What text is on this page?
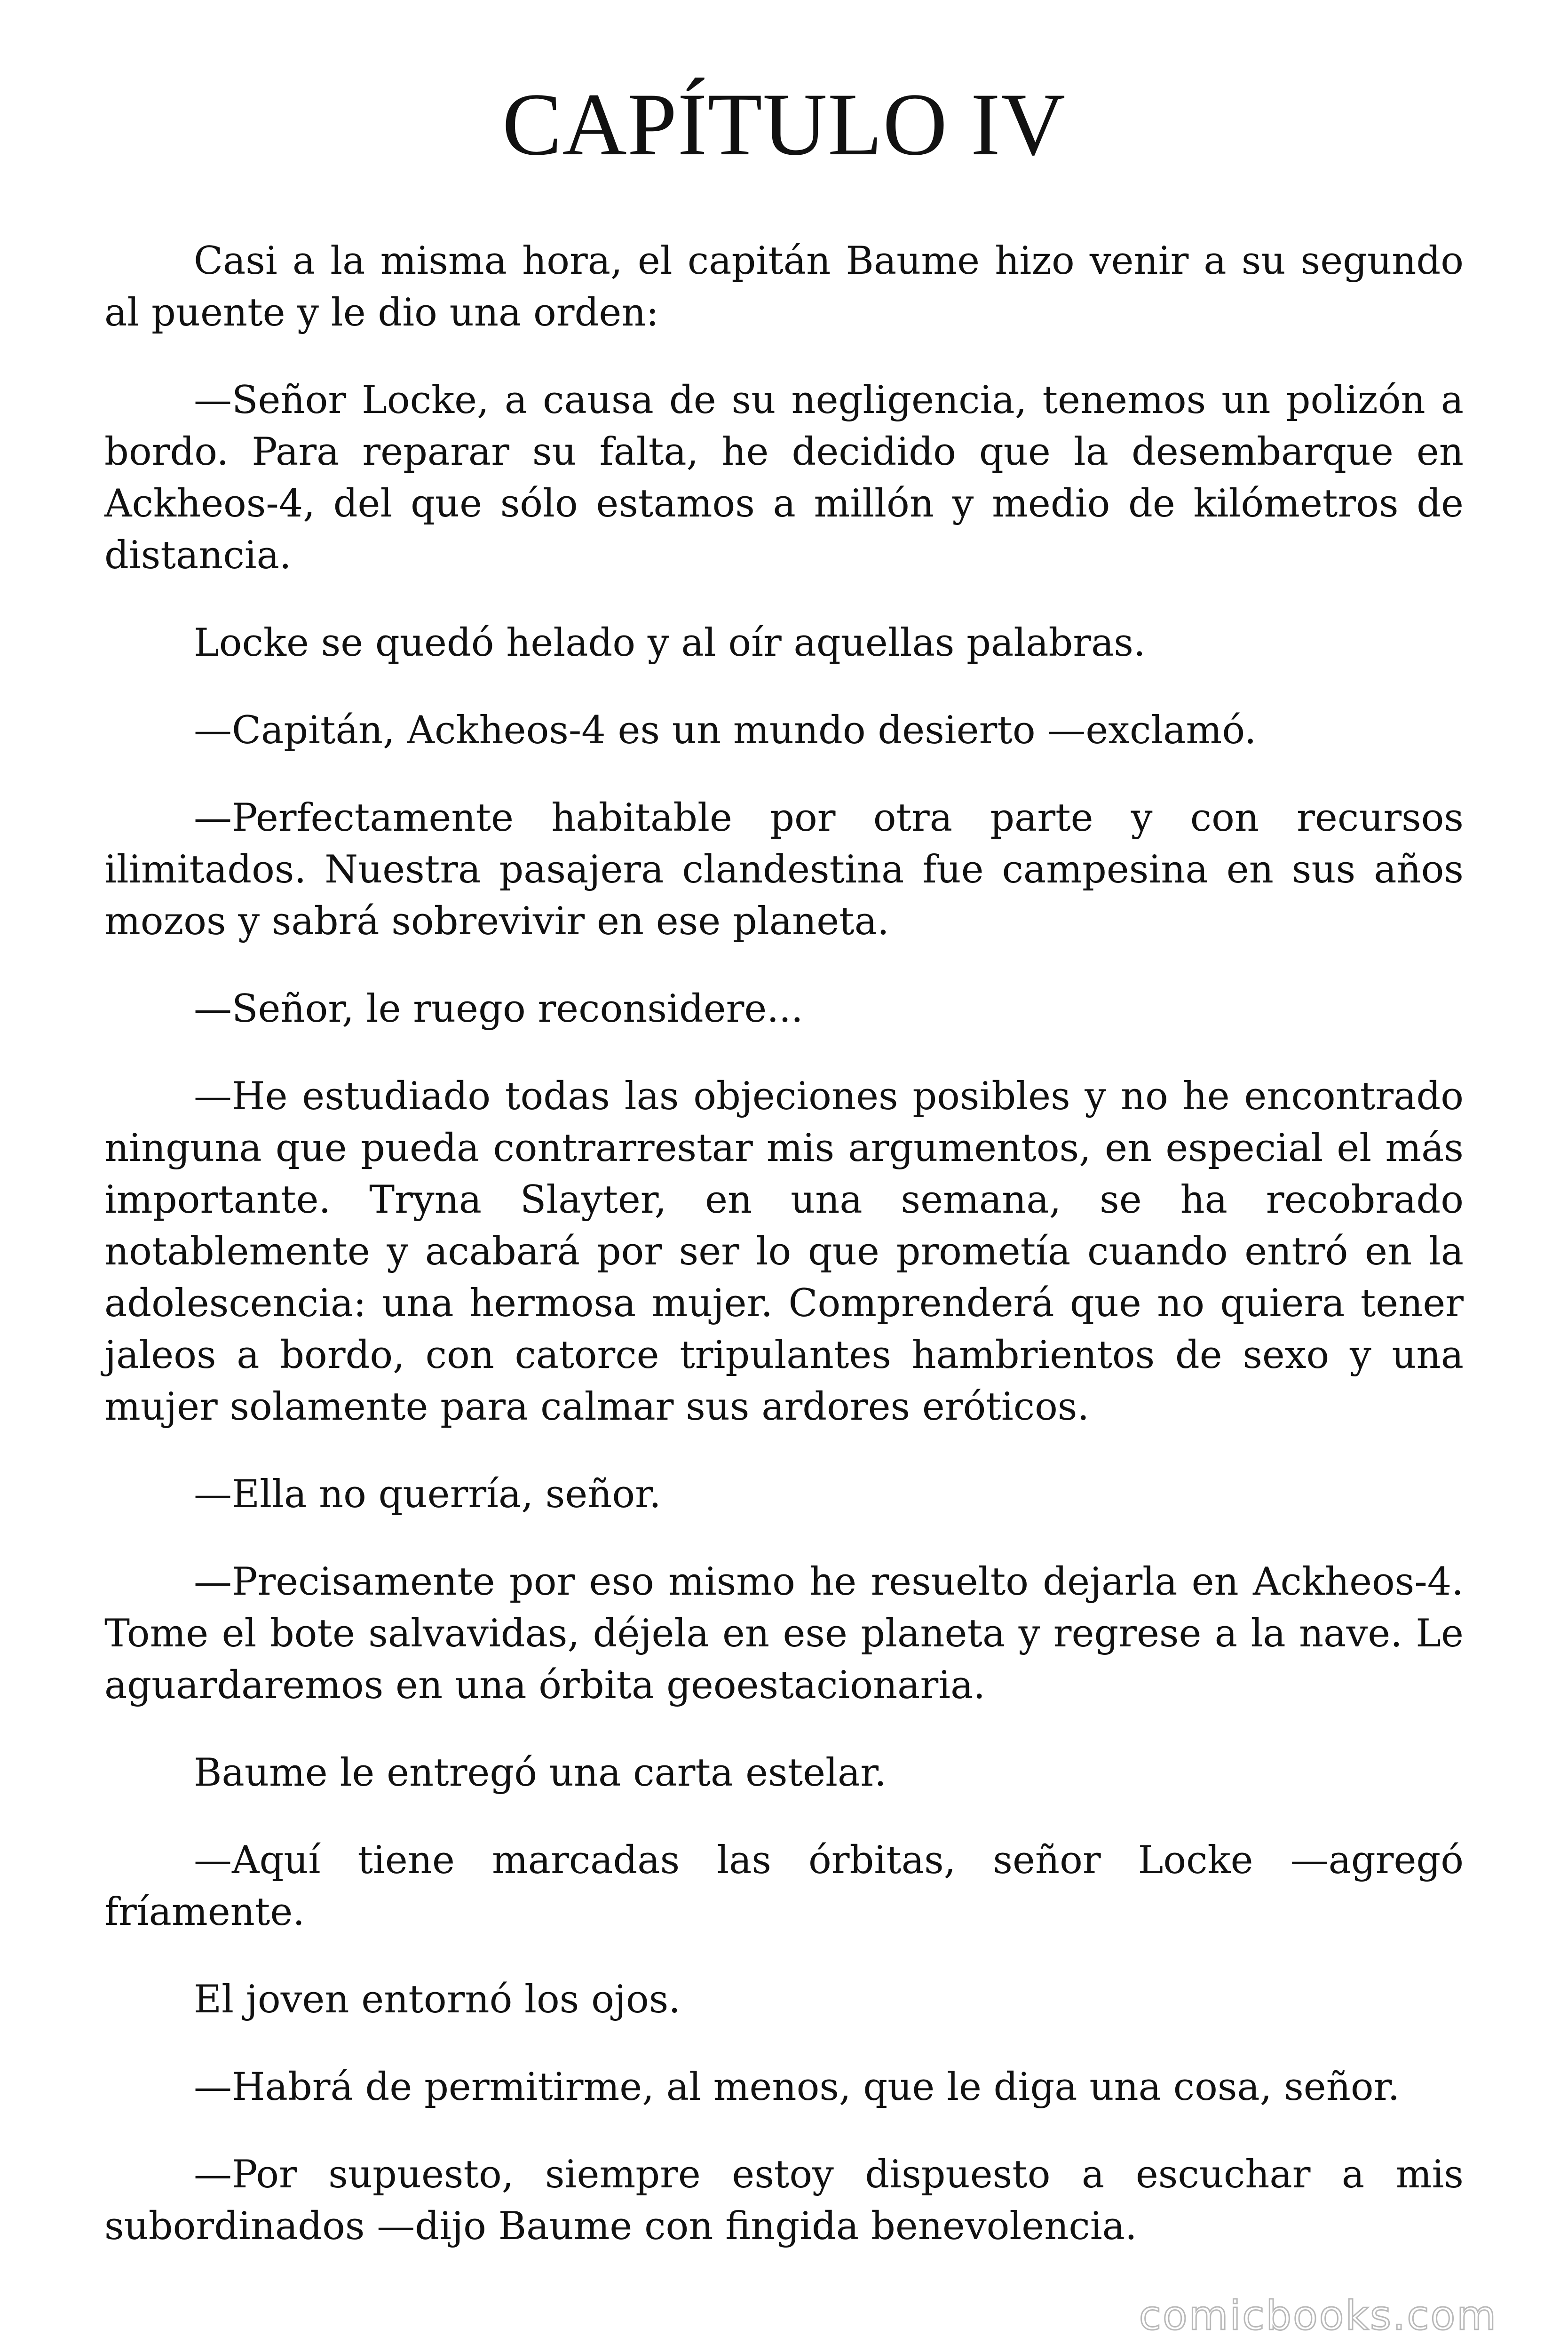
CAPÍTULO IV

Casi a la misma hora, el capitán Baume hizo venir a su segundo al puente y le dio una orden:

—Señor Locke, a causa de su negligencia, tenemos un polizón a bordo. Para reparar su falta, he decidido que la desembarque en Ackheos-4, del que sólo estamos a millón y medio de kilómetros de distancia.

Locke se quedó helado y al oír aquellas palabras.

—Capitán, Ackheos-4 es un mundo desierto —exclamó.

—Perfectamente habitable por otra parte y con recursos ilimitados. Nuestra pasajera clandestina fue campesina en sus años mozos y sabrá sobrevivir en ese planeta.

—Señor, le ruego reconsidere...

—He estudiado todas las objeciones posibles y no he encontrado ninguna que pueda contrarrestar mis argumentos, en especial el más importante. Tryna Slayter, en una semana, se ha recobrado notablemente y acabará por ser lo que prometía cuando entró en la adolescencia: una hermosa mujer. Comprenderá que no quiera tener jaleos a bordo, con catorce tripulantes hambrientos de sexo y una mujer solamente para calmar sus ardores eróticos.

—Ella no querría, señor.

—Precisamente por eso mismo he resuelto dejarla en Ackheos-4. Tome el bote salvavidas, déjela en ese planeta y regrese a la nave. Le aguardaremos en una órbita geoestacionaria.

Baume le entregó una carta estelar.

—Aquí tiene marcadas las órbitas, señor Locke —agregó fríamente.

El joven entornó los ojos.

—Habrá de permitirme, al menos, que le diga una cosa, señor.

—Por supuesto, siempre estoy dispuesto a escuchar a mis subordinados —dijo Baume con fingida benevolencia.

comicbooks.com
